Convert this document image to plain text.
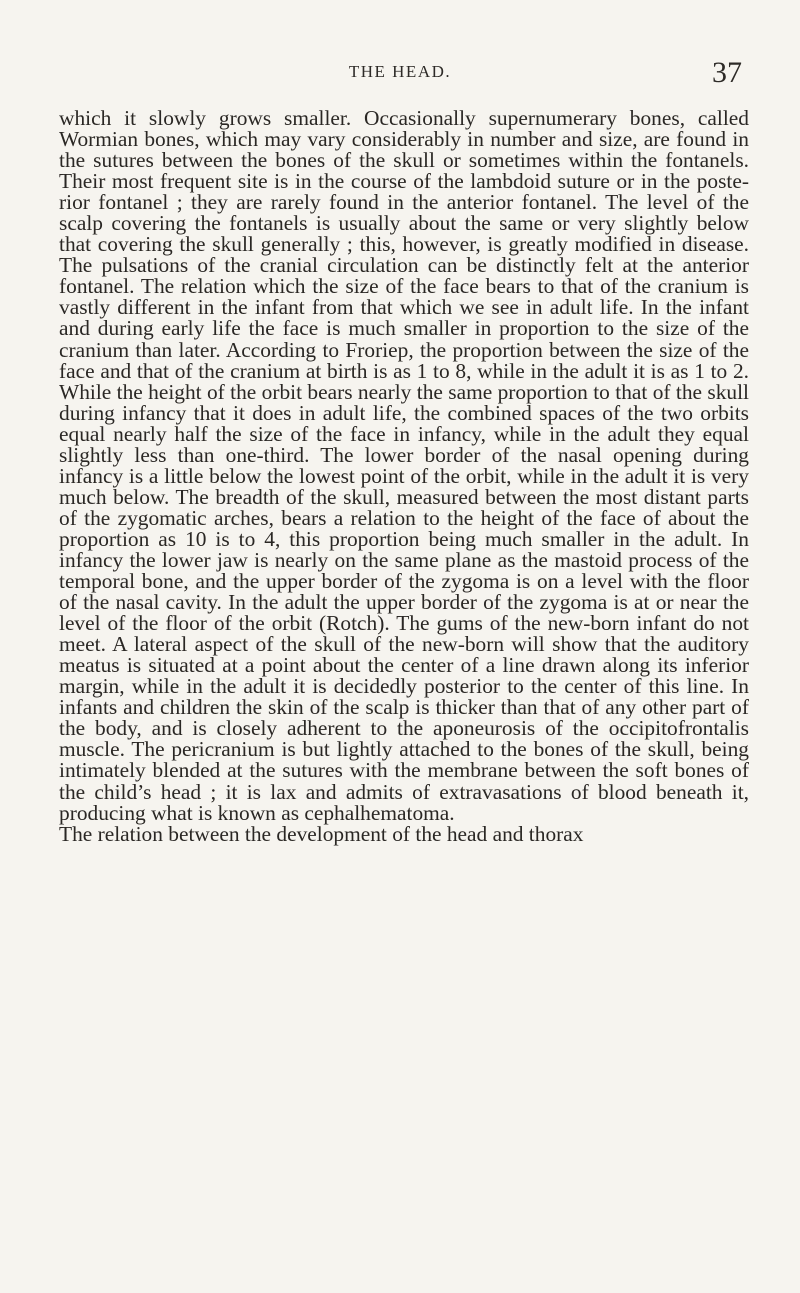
THE HEAD.	37

which it slowly grows smaller. Occasionally supernumerary bones, called Wormian bones, which may vary considerably in number and size, are found in the sutures between the bones of the skull or sometimes within the fontanels. Their most frequent site is in the course of the lambdoid suture or in the posterior fontanel ; they are rarely found in the anterior fontanel. The level of the scalp covering the fontanels is usually about the same or very slightly below that covering the skull generally ; this, however, is greatly modified in disease. The pulsations of the cranial circulation can be distinctly felt at the anterior fontanel. The relation which the size of the face bears to that of the cranium is vastly different in the infant from that which we see in adult life. In the infant and during early life the face is much smaller in proportion to the size of the cranium than later. According to Froriep, the proportion between the size of the face and that of the cranium at birth is as 1 to 8, while in the adult it is as 1 to 2. While the height of the orbit bears nearly the same proportion to that of the skull during infancy that it does in adult life, the combined spaces of the two orbits equal nearly half the size of the face in infancy, while in the adult they equal slightly less than one-third. The lower border of the nasal opening during infancy is a little below the lowest point of the orbit, while in the adult it is very much below. The breadth of the skull, measured between the most distant parts of the zygomatic arches, bears a relation to the height of the face of about the proportion as 10 is to 4, this proportion being much smaller in the adult. In infancy the lower jaw is nearly on the same plane as the mastoid process of the temporal bone, and the upper border of the zygoma is on a level with the floor of the nasal cavity. In the adult the upper border of the zygoma is at or near the level of the floor of the orbit (Rotch). The gums of the new-born infant do not meet. A lateral aspect of the skull of the new-born will show that the auditory meatus is situated at a point about the center of a line drawn along its inferior margin, while in the adult it is decidedly posterior to the center of this line. In infants and children the skin of the scalp is thicker than that of any other part of the body, and is closely adherent to the aponeurosis of the occipitofrontalis muscle. The pericranium is but lightly attached to the bones of the skull, being intimately blended at the sutures with the membrane between the soft bones of the child’s head ; it is lax and admits of extravasations of blood beneath it, producing what is known as cephalhematoma.

The relation between the development of the head and thorax
